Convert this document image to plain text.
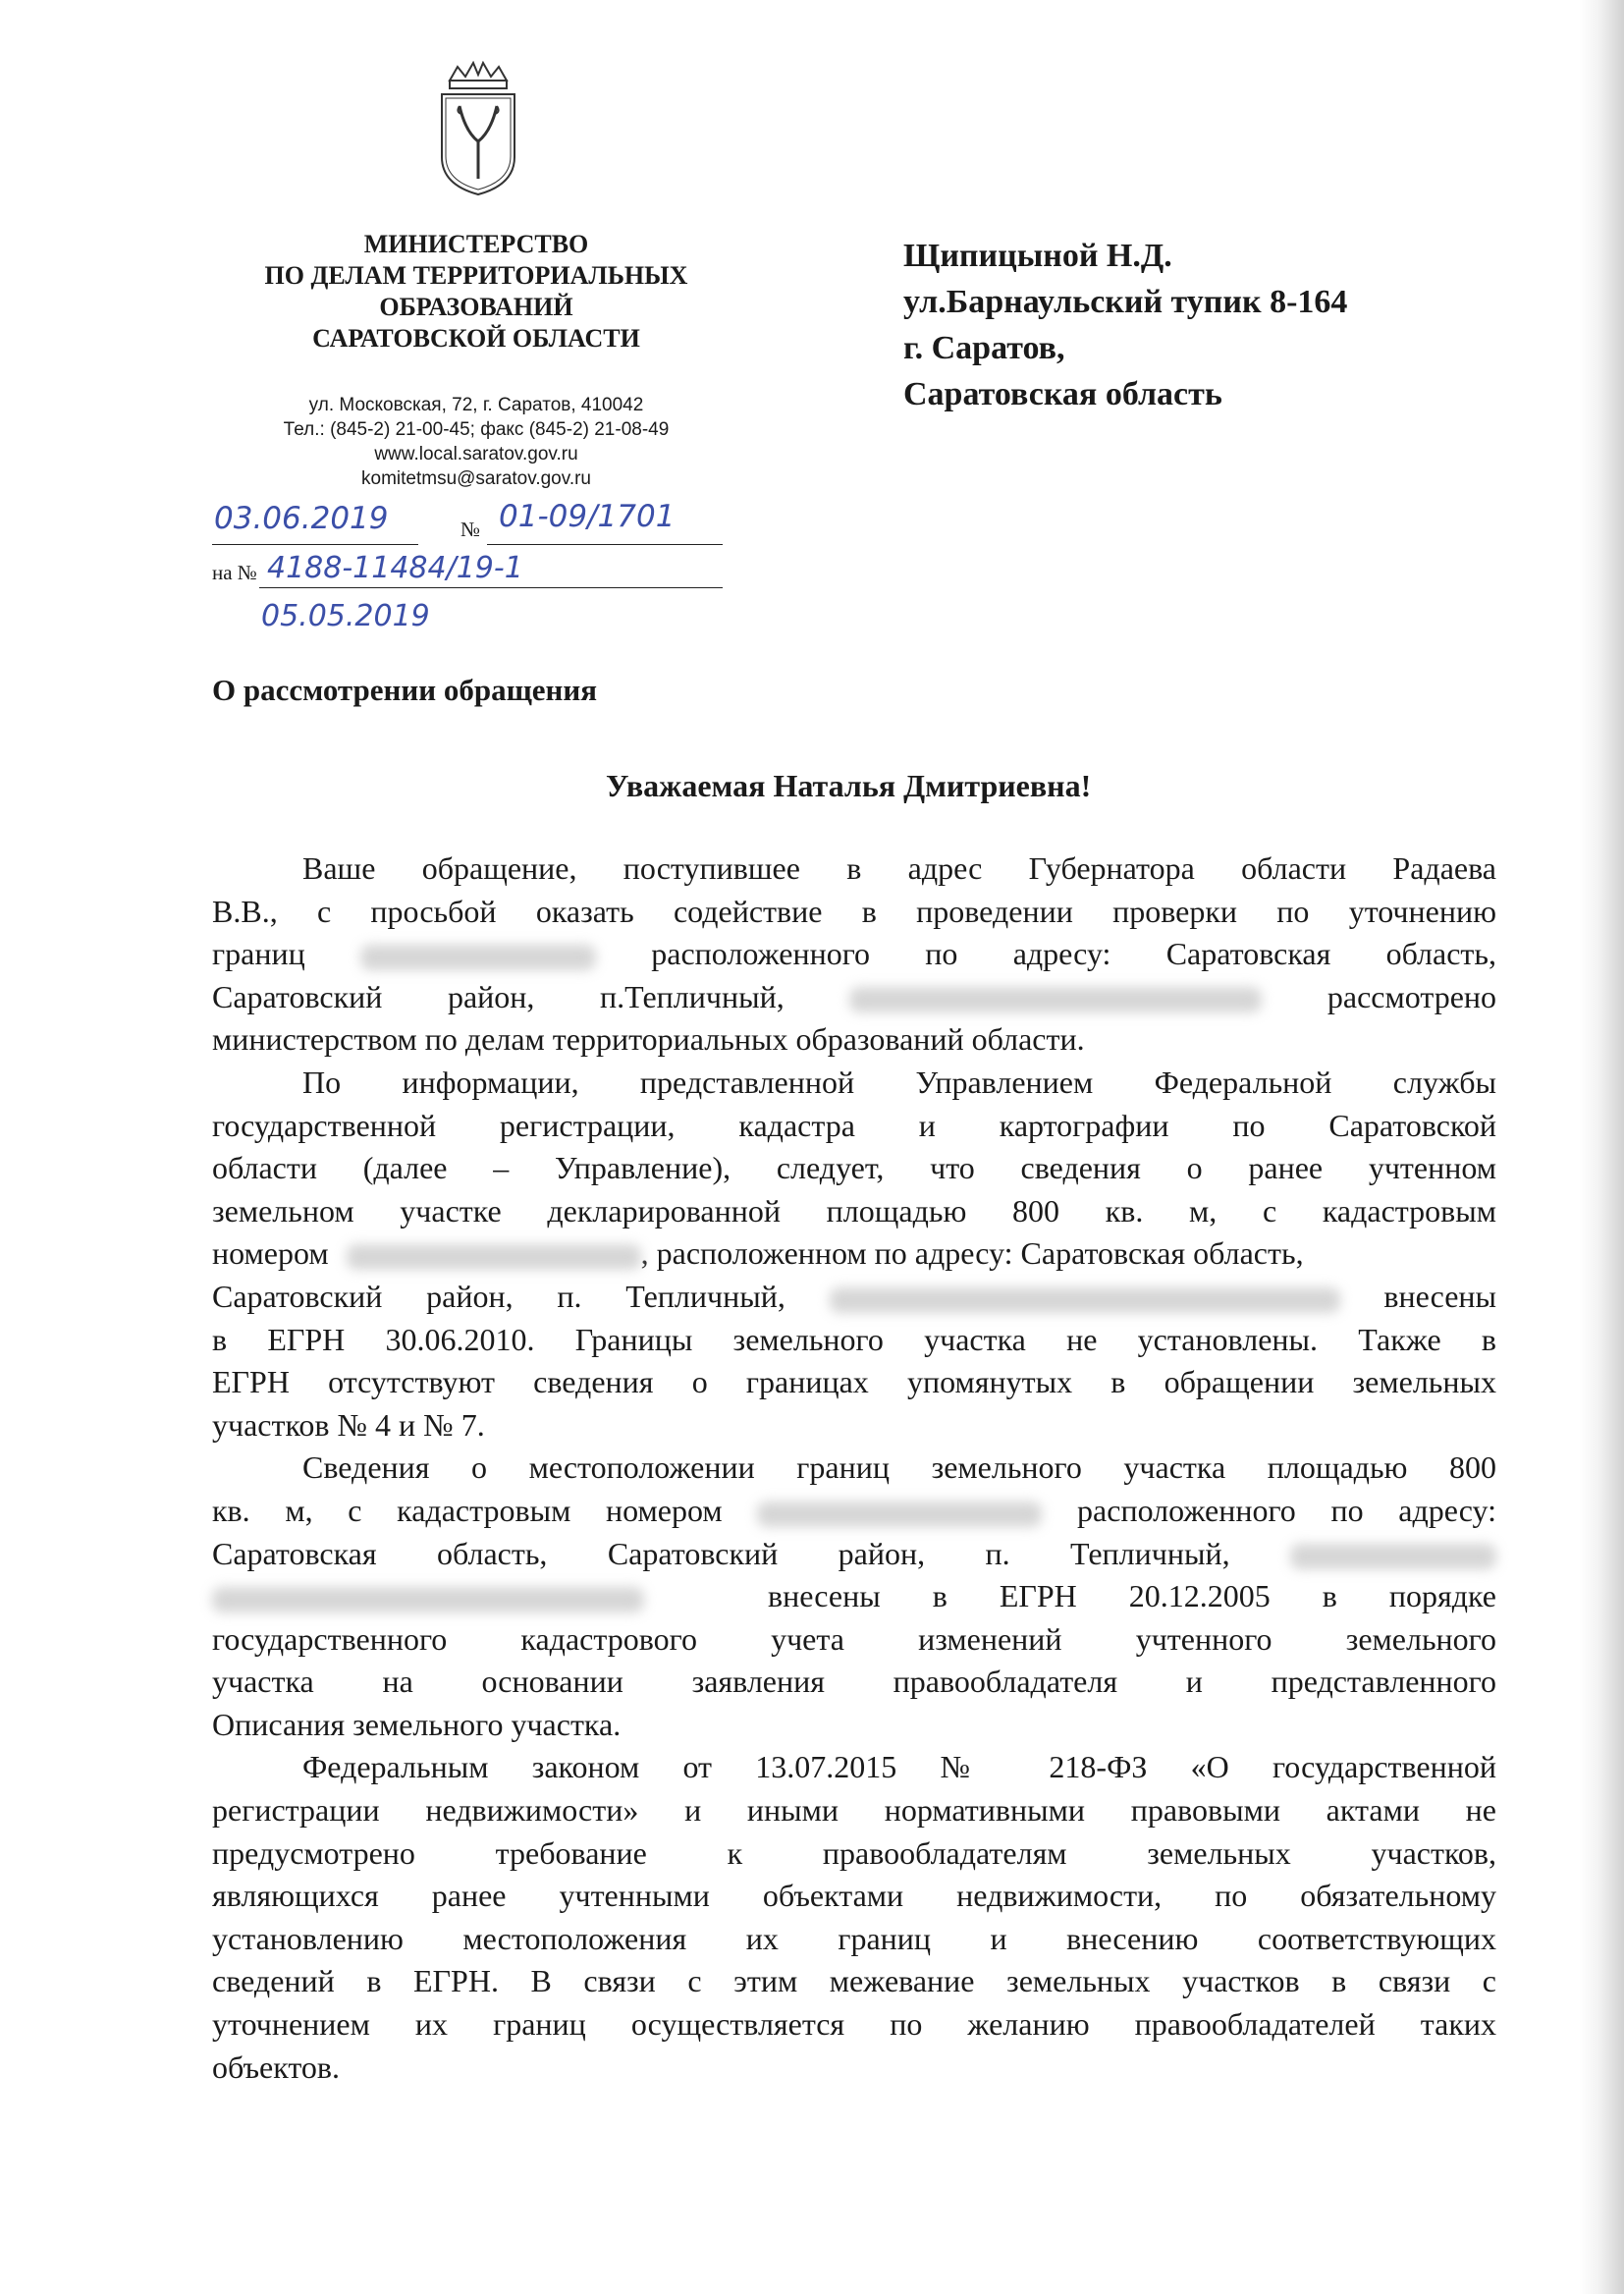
МИНИСТЕРСТВО
ПО ДЕЛАМ ТЕРРИТОРИАЛЬНЫХ
ОБРАЗОВАНИЙ
САРАТОВСКОЙ ОБЛАСТИ
ул. Московская, 72, г. Саратов, 410042
Тел.: (845-2) 21-00-45; факс (845-2) 21-08-49
www.local.saratov.gov.ru
komitetmsu@saratov.gov.ru
03.06.2019	№ 01-09/1701
на № 4188-11484/19-1
05.05.2019
Щипицыной Н.Д.
ул.Барнаульский тупик 8-164
г. Саратов,
Саратовская область
О рассмотрении обращения
Уважаемая Наталья Дмитриевна!
Ваше обращение, поступившее в адрес Губернатора области Радаева
В.В., с просьбой оказать содействие в проведении проверки по уточнению
границ	расположенного по адресу: Саратовская область,
Саратовский район, п.Тепличный,	рассмотрено
министерством по делам территориальных образований области.
По информации, представленной Управлением Федеральной службы
государственной регистрации, кадастра и картографии по Саратовской
области (далее – Управление), следует, что сведения о ранее учтенном
земельном участке декларированной площадью 800 кв. м, с кадастровым
номером	, расположенном по адресу: Саратовская область,
Саратовский район, п. Тепличный,	внесены
в ЕГРН 30.06.2010. Границы земельного участка не установлены. Также в
ЕГРН отсутствуют сведения о границах упомянутых в обращении земельных
участков № 4 и № 7.
Сведения о местоположении границ земельного участка площадью 800
кв. м, с кадастровым номером	расположенного по адресу:
Саратовская область, Саратовский район, п. Тепличный,
внесены в ЕГРН 20.12.2005 в порядке
государственного кадастрового учета изменений учтенного земельного
участка на основании заявления правообладателя и представленного
Описания земельного участка.
Федеральным законом от 13.07.2015 № 218-ФЗ «О государственной
регистрации недвижимости» и иными нормативными правовыми актами не
предусмотрено требование к правообладателям земельных участков,
являющихся ранее учтенными объектами недвижимости, по обязательному
установлению местоположения их границ и внесению соответствующих
сведений в ЕГРН. В связи с этим межевание земельных участков в связи с
уточнением их границ осуществляется по желанию правообладателей таких
объектов.
